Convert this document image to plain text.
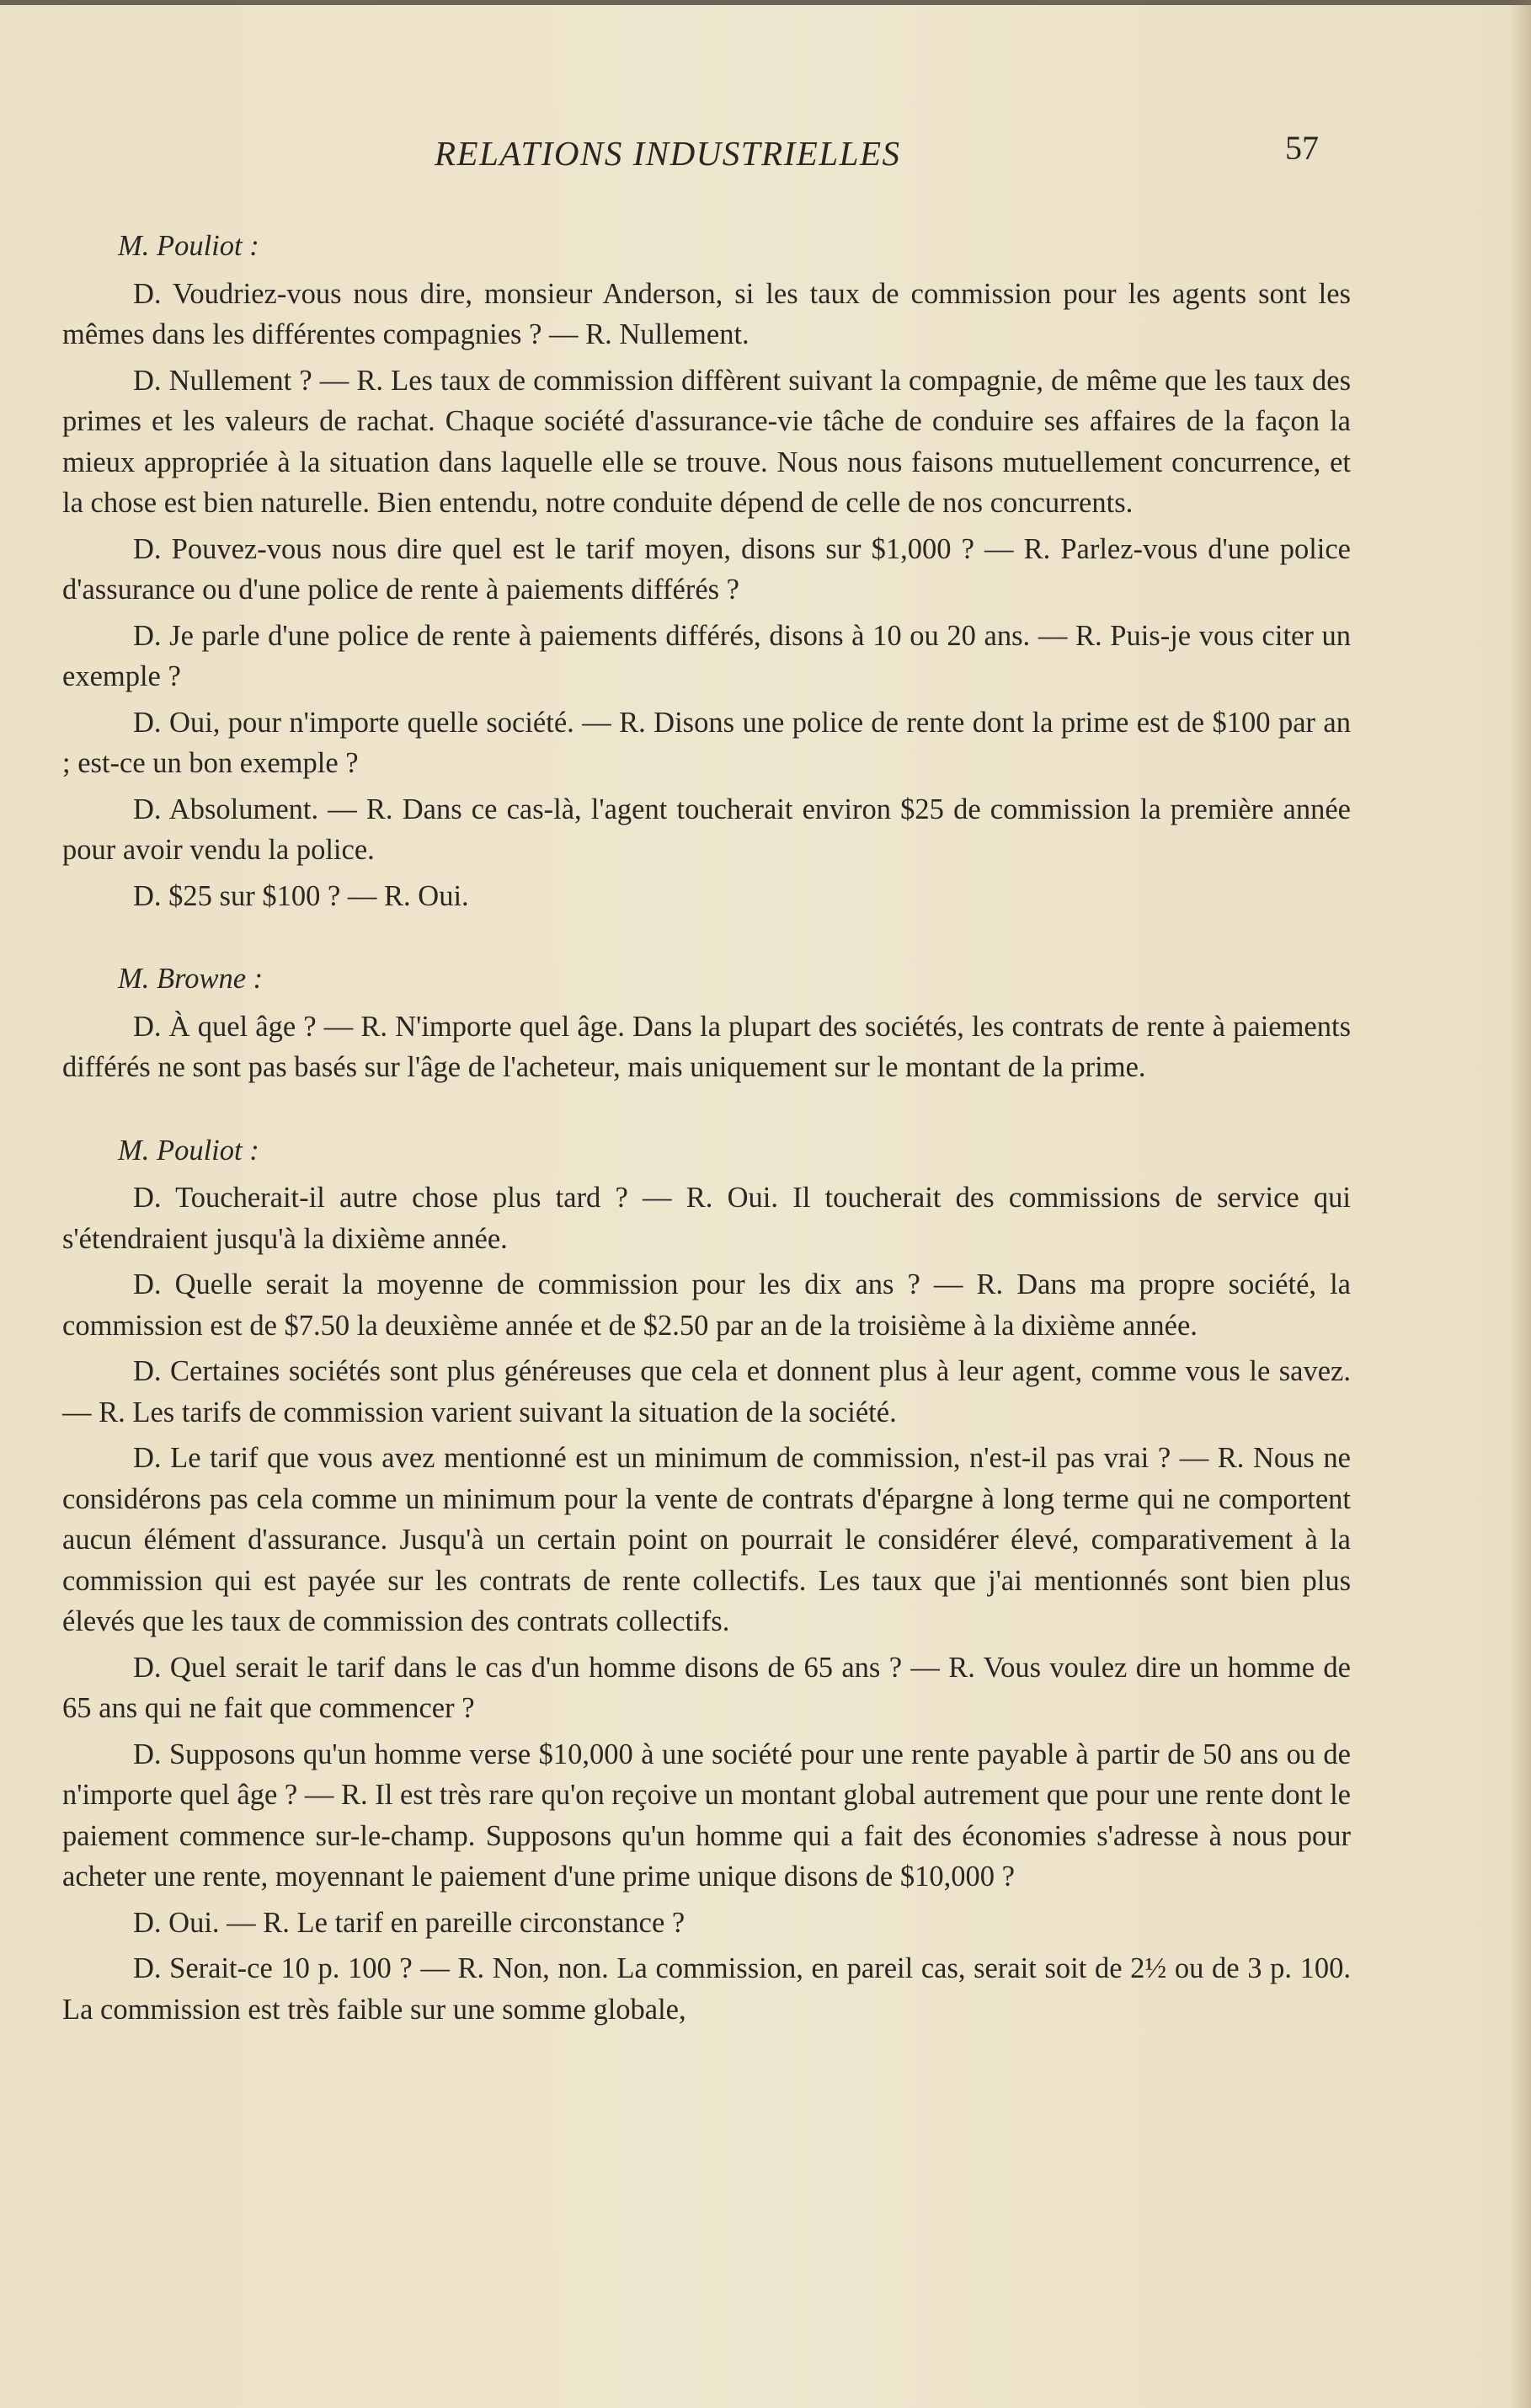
RELATIONS INDUSTRIELLES	57
M. Pouliot :

D. Voudriez-vous nous dire, monsieur Anderson, si les taux de commission pour les agents sont les mêmes dans les différentes compagnies ? — R. Nullement.

D. Nullement ? — R. Les taux de commission diffèrent suivant la compagnie, de même que les taux des primes et les valeurs de rachat. Chaque société d'assurance-vie tâche de conduire ses affaires de la façon la mieux appropriée à la situation dans laquelle elle se trouve. Nous nous faisons mutuellement concurrence, et la chose est bien naturelle. Bien entendu, notre conduite dépend de celle de nos concurrents.

D. Pouvez-vous nous dire quel est le tarif moyen, disons sur $1,000 ? — R. Parlez-vous d'une police d'assurance ou d'une police de rente à paiements différés ?

D. Je parle d'une police de rente à paiements différés, disons à 10 ou 20 ans. — R. Puis-je vous citer un exemple ?

D. Oui, pour n'importe quelle société. — R. Disons une police de rente dont la prime est de $100 par an ; est-ce un bon exemple ?

D. Absolument. — R. Dans ce cas-là, l'agent toucherait environ $25 de commission la première année pour avoir vendu la police.

D. $25 sur $100 ? — R. Oui.

M. Browne :

D. À quel âge ? — R. N'importe quel âge. Dans la plupart des sociétés, les contrats de rente à paiements différés ne sont pas basés sur l'âge de l'acheteur, mais uniquement sur le montant de la prime.

M. Pouliot :

D. Toucherait-il autre chose plus tard ? — R. Oui. Il toucherait des commissions de service qui s'étendraient jusqu'à la dixième année.

D. Quelle serait la moyenne de commission pour les dix ans ? — R. Dans ma propre société, la commission est de $7.50 la deuxième année et de $2.50 par an de la troisième à la dixième année.

D. Certaines sociétés sont plus généreuses que cela et donnent plus à leur agent, comme vous le savez. — R. Les tarifs de commission varient suivant la situation de la société.

D. Le tarif que vous avez mentionné est un minimum de commission, n'est-il pas vrai ? — R. Nous ne considérons pas cela comme un minimum pour la vente de contrats d'épargne à long terme qui ne comportent aucun élément d'assurance. Jusqu'à un certain point on pourrait le considérer élevé, comparativement à la commission qui est payée sur les contrats de rente collectifs. Les taux que j'ai mentionnés sont bien plus élevés que les taux de commission des contrats collectifs.

D. Quel serait le tarif dans le cas d'un homme disons de 65 ans ? — R. Vous voulez dire un homme de 65 ans qui ne fait que commencer ?

D. Supposons qu'un homme verse $10,000 à une société pour une rente payable à partir de 50 ans ou de n'importe quel âge ? — R. Il est très rare qu'on reçoive un montant global autrement que pour une rente dont le paiement commence sur-le-champ. Supposons qu'un homme qui a fait des économies s'adresse à nous pour acheter une rente, moyennant le paiement d'une prime unique disons de $10,000 ?

D. Oui. — R. Le tarif en pareille circonstance ?

D. Serait-ce 10 p. 100 ? — R. Non, non. La commission, en pareil cas, serait soit de 2½ ou de 3 p. 100. La commission est très faible sur une somme globale,
